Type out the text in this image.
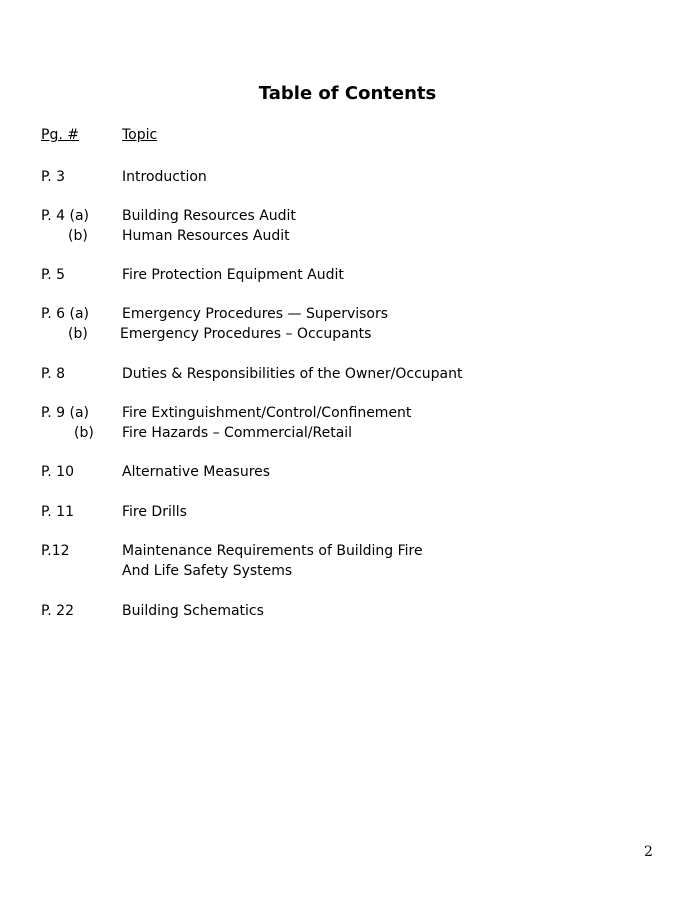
Table of Contents
Pg. #	Topic
P. 3	Introduction
P. 4 (a) Building Resources Audit
(b) Human Resources Audit
P. 5	Fire Protection Equipment Audit
P. 6 (a) Emergency Procedures — Supervisors
(b) Emergency Procedures – Occupants
P. 8	Duties & Responsibilities of the Owner/Occupant
P. 9 (a) Fire Extinguishment/Control/Confinement
(b) Fire Hazards – Commercial/Retail
P. 10	Alternative Measures
P. 11	Fire Drills
P.12	Maintenance Requirements of Building Fire
And Life Safety Systems
P. 22	Building Schematics
2
